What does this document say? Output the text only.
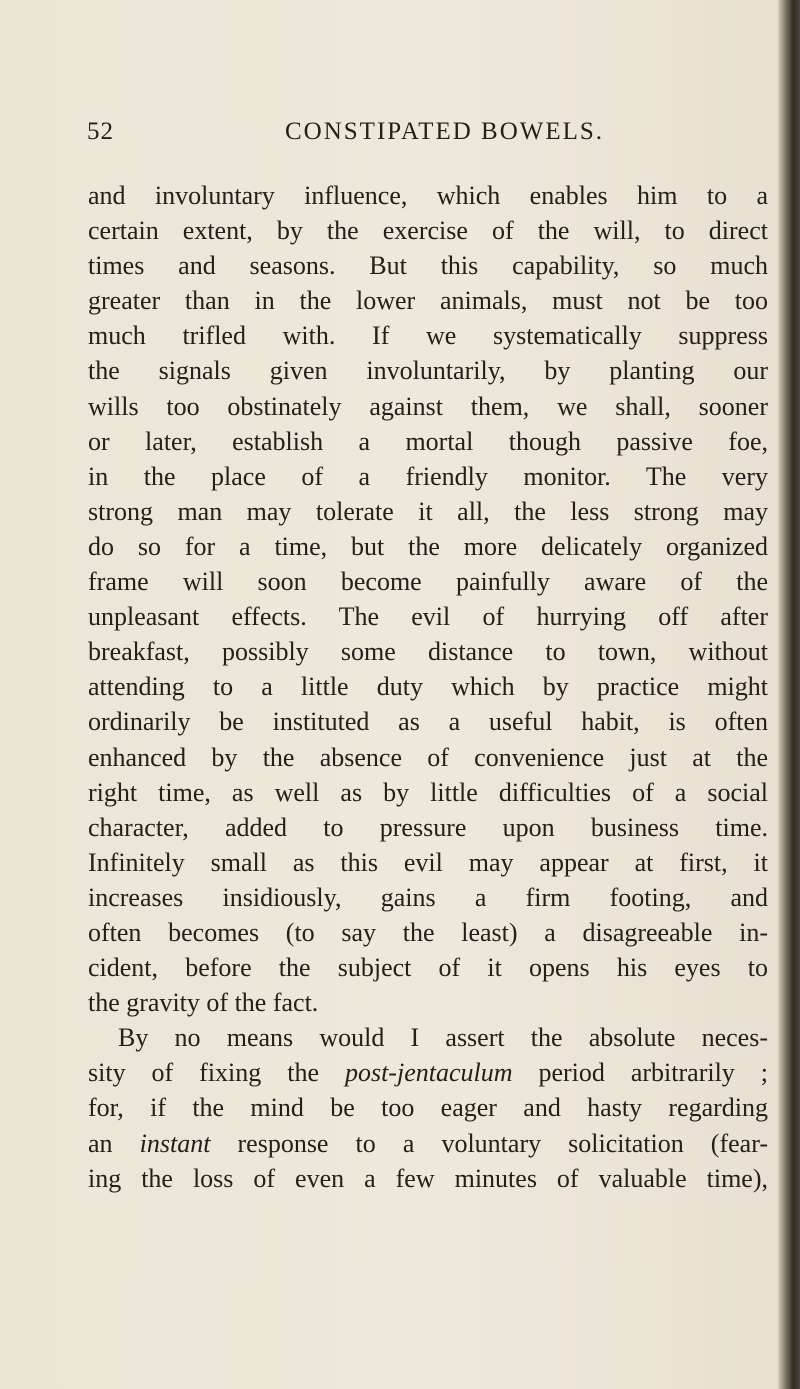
52	CONSTIPATED BOWELS.
and involuntary influence, which enables him to a
certain extent, by the exercise of the will, to direct
times and seasons. But this capability, so much
greater than in the lower animals, must not be too
much trifled with. If we systematically suppress
the signals given involuntarily, by planting our
wills too obstinately against them, we shall, sooner
or later, establish a mortal though passive foe,
in the place of a friendly monitor. The very
strong man may tolerate it all, the less strong may
do so for a time, but the more delicately organized
frame will soon become painfully aware of the
unpleasant effects. The evil of hurrying off after
breakfast, possibly some distance to town, without
attending to a little duty which by practice might
ordinarily be instituted as a useful habit, is often
enhanced by the absence of convenience just at the
right time, as well as by little difficulties of a social
character, added to pressure upon business time.
Infinitely small as this evil may appear at first, it
increases insidiously, gains a firm footing, and
often becomes (to say the least) a disagreeable in-
cident, before the subject of it opens his eyes to
the gravity of the fact.
By no means would I assert the absolute neces-
sity of fixing the post-jentaculum period arbitrarily ;
for, if the mind be too eager and hasty regarding
an instant response to a voluntary solicitation (fear-
ing the loss of even a few minutes of valuable time),
